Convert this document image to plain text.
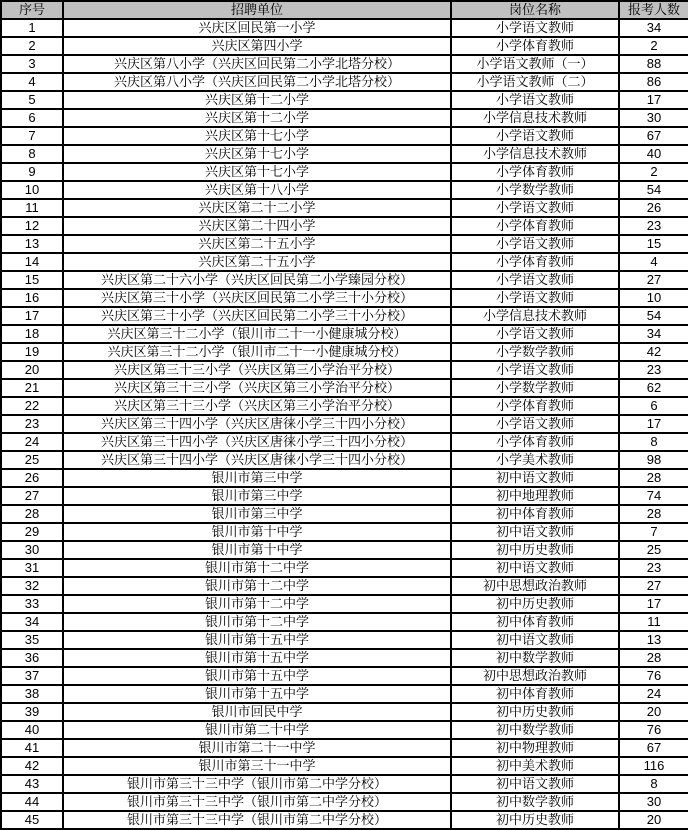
序号	招聘单位	岗位名称	报考人数
1	兴庆区回民第一小学	小学语文教师	34
2	兴庆区第四小学	小学体育教师	2
3	兴庆区第八小学（兴庆区回民第二小学北塔分校）	小学语文教师（一）	88
4	兴庆区第八小学（兴庆区回民第二小学北塔分校）	小学语文教师（二）	86
5	兴庆区第十二小学	小学语文教师	17
6	兴庆区第十二小学	小学信息技术教师	30
7	兴庆区第十七小学	小学语文教师	67
8	兴庆区第十七小学	小学信息技术教师	40
9	兴庆区第十七小学	小学体育教师	2
10	兴庆区第十八小学	小学数学教师	54
11	兴庆区第二十二小学	小学语文教师	26
12	兴庆区第二十四小学	小学体育教师	23
13	兴庆区第二十五小学	小学语文教师	15
14	兴庆区第二十五小学	小学体育教师	4
15	兴庆区第二十六小学（兴庆区回民第二小学臻园分校）	小学语文教师	27
16	兴庆区第三十小学（兴庆区回民第二小学三十小分校）	小学语文教师	10
17	兴庆区第三十小学（兴庆区回民第二小学三十小分校）	小学信息技术教师	54
18	兴庆区第三十二小学（银川市二十一小健康城分校）	小学语文教师	34
19	兴庆区第三十二小学（银川市二十一小健康城分校）	小学数学教师	42
20	兴庆区第三十三小学（兴庆区第三小学治平分校）	小学语文教师	23
21	兴庆区第三十三小学（兴庆区第三小学治平分校）	小学数学教师	62
22	兴庆区第三十三小学（兴庆区第三小学治平分校）	小学体育教师	6
23	兴庆区第三十四小学（兴庆区唐徕小学三十四小分校）	小学语文教师	17
24	兴庆区第三十四小学（兴庆区唐徕小学三十四小分校）	小学体育教师	8
25	兴庆区第三十四小学（兴庆区唐徕小学三十四小分校）	小学美术教师	98
26	银川市第三中学	初中语文教师	28
27	银川市第三中学	初中地理教师	74
28	银川市第三中学	初中体育教师	28
29	银川市第十中学	初中语文教师	7
30	银川市第十中学	初中历史教师	25
31	银川市第十二中学	初中语文教师	23
32	银川市第十二中学	初中思想政治教师	27
33	银川市第十二中学	初中历史教师	17
34	银川市第十二中学	初中体育教师	11
35	银川市第十五中学	初中语文教师	13
36	银川市第十五中学	初中数学教师	28
37	银川市第十五中学	初中思想政治教师	76
38	银川市第十五中学	初中体育教师	24
39	银川市回民中学	初中历史教师	20
40	银川市第二十中学	初中数学教师	76
41	银川市第二十一中学	初中物理教师	67
42	银川市第三十一中学	初中美术教师	116
43	银川市第三十三中学（银川市第二中学分校）	初中语文教师	8
44	银川市第三十三中学（银川市第二中学分校）	初中数学教师	30
45	银川市第三十三中学（银川市第二中学分校）	初中历史教师	20
